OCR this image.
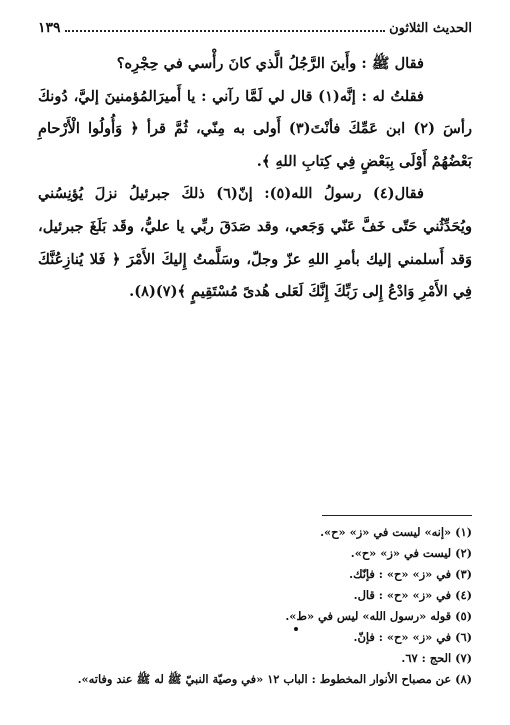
الحديث الثلاثون
١٣٩

فقال ﷺ : وأَينَ الرَّجُلُ الَّذي كانَ رأْسي في حِجْرِه؟

فقلتُ له : إنَّه(١) قال لي لَمَّا رآني : يا أَميرَالمُؤمنينَ إليَّ، دُونكَ رأسَ (٢) ابن عَمِّكَ فأنْتَ(٣) أَولى به مِنّي، ثُمَّ قرأ ﴿ وَأُولُوا الْأَرْحامِ بَعْضُهُمْ أَوْلَى بِبَعْضٍ فِي كِتابِ اللهِ ﴾.

فقال(٤) رسولُ الله(٥): إنّ(٦) ذلكَ جبرئيلُ نزلَ يُؤنِسُني ويُحَدِّثُني حَتّى خَفَّ عَنّي وَجَعي، وقد صَدَقَ ربِّي يا عليُّ، وقَد بَلَغَ جبرئيل، وَقد أَسلمني إليك بأمرِ اللهِ عزّ وجلّ، وسَلَّمتُ إِليكَ الأَمْرَ ﴿ فَلا يُنازِعُنَّكَ فِي الأَمْرِ وَادْعُ إِلى رَبِّكَ إِنَّكَ لَعَلى هُدىً مُسْتَقِيمٍ ﴾(٧)(٨).

(١) «إنه» ليست في «ز» «ح».
(٢) ليست في «ز» «ح».
(٣) في «ز» «ح» : فإنّك.
(٤) في «ز» «ح» : قال.
(٥) قوله «رسول الله» ليس في «ط».
(٦) في «ز» «ح» : فإنّ.
(٧) الحج : ٦٧.
(٨) عن مصباح الأنوار المخطوط : الباب ١٢ «في وصيّة النبيّ ﷺ له ﷺ عند وفاته».
